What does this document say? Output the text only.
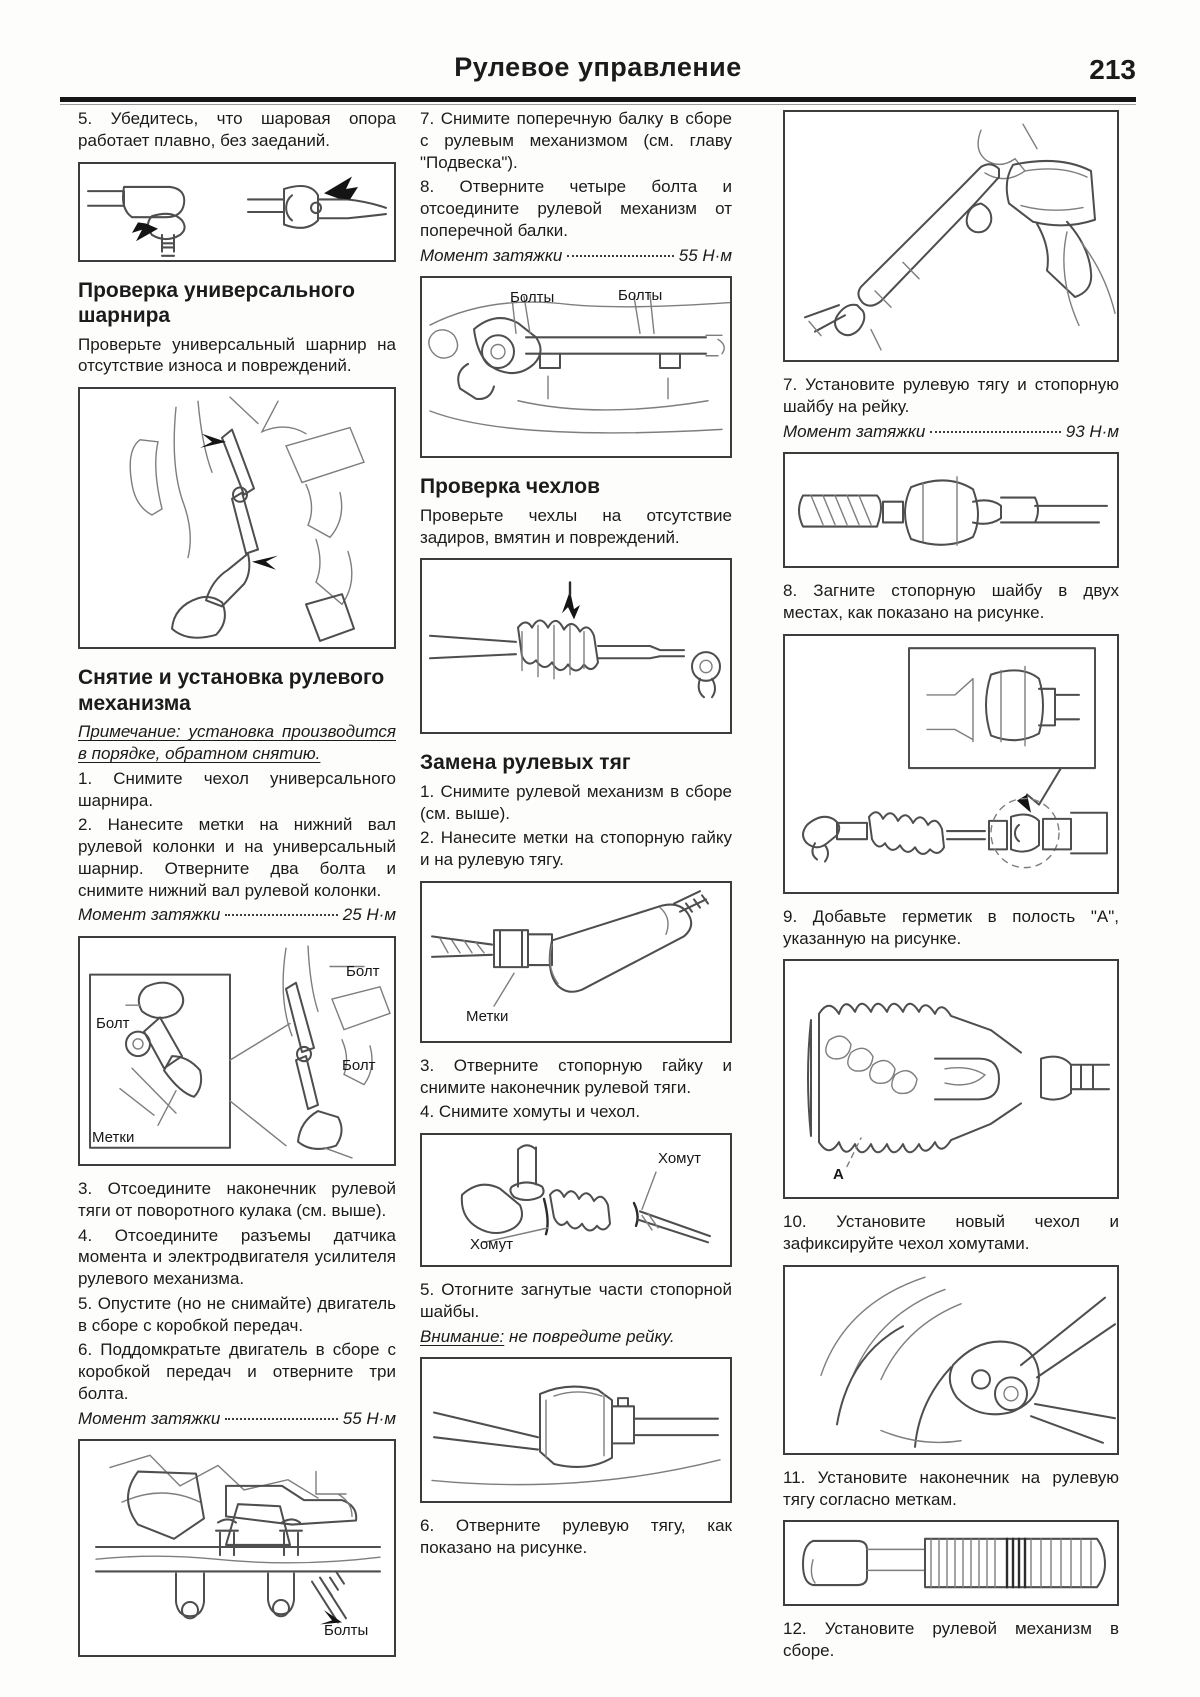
Рулевое управление	213

5. Убедитесь, что шаровая опора работает плавно, без заеданий.

Проверка универсального шарнира

Проверьте универсальный шарнир на отсутствие износа и повреждений.

Снятие и установка рулевого механизма

Примечание: установка производится в порядке, обратном снятию.

1. Снимите чехол универсального шарнира.

2. Нанесите метки на нижний вал рулевой колонки и на универсальный шарнир. Отверните два болта и снимите нижний вал рулевой колонки.

Момент затяжки	25 Н·м
Болт
Метки
Болт
Болт

3. Отсоедините наконечник рулевой тяги от поворотного кулака (см. выше).

4. Отсоедините разъемы датчика момента и электродвигателя усилителя рулевого механизма.

5. Опустите (но не снимайте) двигатель в сборе с коробкой передач.

6. Поддомкратьте двигатель в сборе с коробкой передач и отверните три болта.

Момент затяжки	55 Н·м
Болты

7. Снимите поперечную балку в сборе с рулевым механизмом (см. главу "Подвеска").

8. Отверните четыре болта и отсоедините рулевой механизм от поперечной балки.

Момент затяжки	55 Н·м
Болты	Болты
Проверка чехлов

Проверьте чехлы на отсутствие задиров, вмятин и повреждений.

Замена рулевых тяг

1. Снимите рулевой механизм в сборе (см. выше).

2. Нанесите метки на стопорную гайку и на рулевую тягу.

Метки

3. Отверните стопорную гайку и снимите наконечник рулевой тяги.

4. Снимите хомуты и чехол.

Хомут
Хомут

5. Отогните загнутые части стопорной шайбы.

Внимание: не повредите рейку.

6. Отверните рулевую тягу, как показано на рисунке.

7. Установите рулевую тягу и стопорную шайбу на рейку.

Момент затяжки	93 Н·м

8. Загните стопорную шайбу в двух местах, как показано на рисунке.

9. Добавьте герметик в полость "А", указанную на рисунке.

A

10. Установите новый чехол и зафиксируйте чехол хомутами.

11. Установите наконечник на рулевую тягу согласно меткам.

12. Установите рулевой механизм в сборе.
